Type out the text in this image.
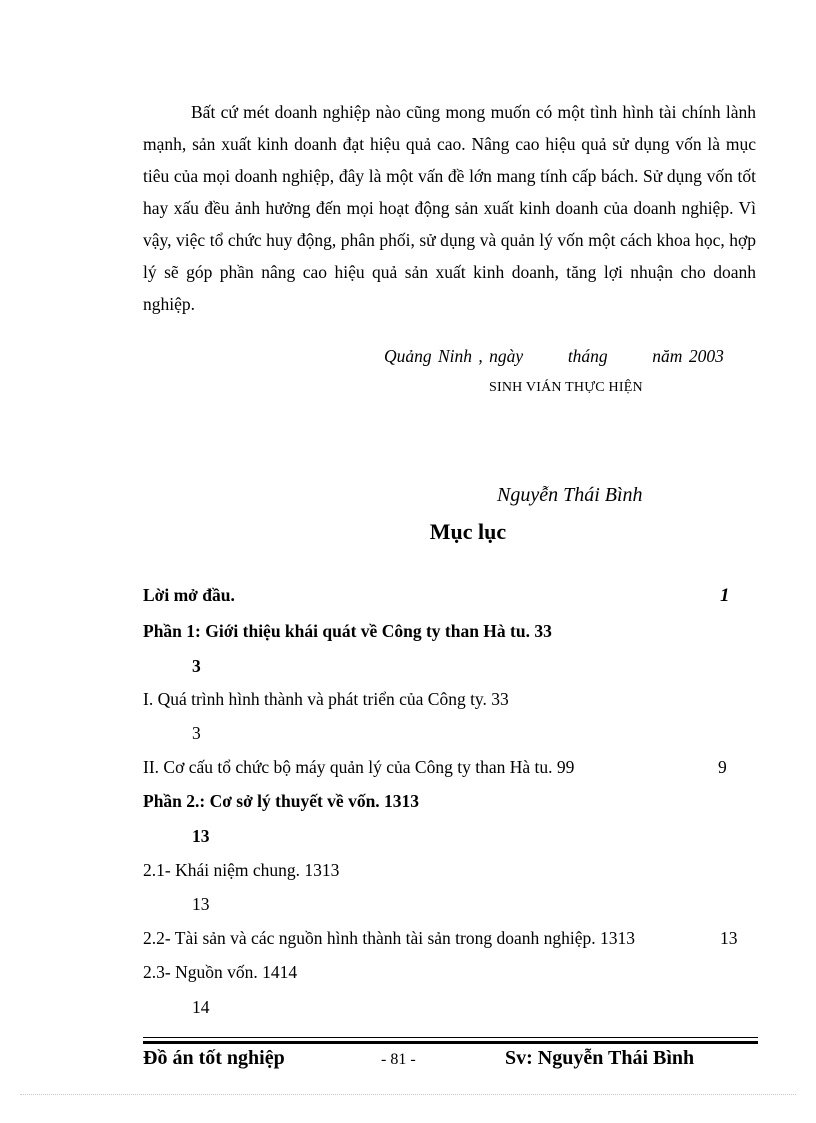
Bất cứ mét doanh nghiệp nào cũng mong muốn có một tình hình tài chính lành mạnh, sản xuất kinh doanh đạt hiệu quả cao. Nâng cao hiệu quả sử dụng vốn là mục tiêu của mọi doanh nghiệp, đây là một vấn đề lớn mang tính cấp bách. Sử dụng vốn tốt hay xấu đều ảnh hưởng đến mọi hoạt động sản xuất kinh doanh của doanh nghiệp. Vì vậy, việc tổ chức huy động, phân phối, sử dụng và quản lý vốn một cách khoa học, hợp lý sẽ góp phần nâng cao hiệu quả sản xuất kinh doanh, tăng lợi nhuận cho doanh nghiệp.
Quảng Ninh , ngày       tháng       năm 2003
SINH VIÁN THỰC HIỆN
Nguyễn Thái Bình
Mục lục
Lời mở đầu.	1
Phần 1: Giới thiệu khái quát về Công ty than Hà tu. 33
3
I. Quá trình hình thành và phát triển của Công ty. 33
3
II. Cơ cấu tổ chức bộ máy quản lý của Công ty than Hà tu. 99	9
Phần 2.: Cơ sở lý thuyết về vốn. 1313
13
2.1- Khái niệm chung. 1313
13
2.2- Tài sản và các nguồn hình thành tài sản trong doanh nghiệp. 1313	13
2.3- Nguồn vốn. 1414
14
Đồ án tốt nghiệp	- 81 -	Sv: Nguyễn Thái Bình
